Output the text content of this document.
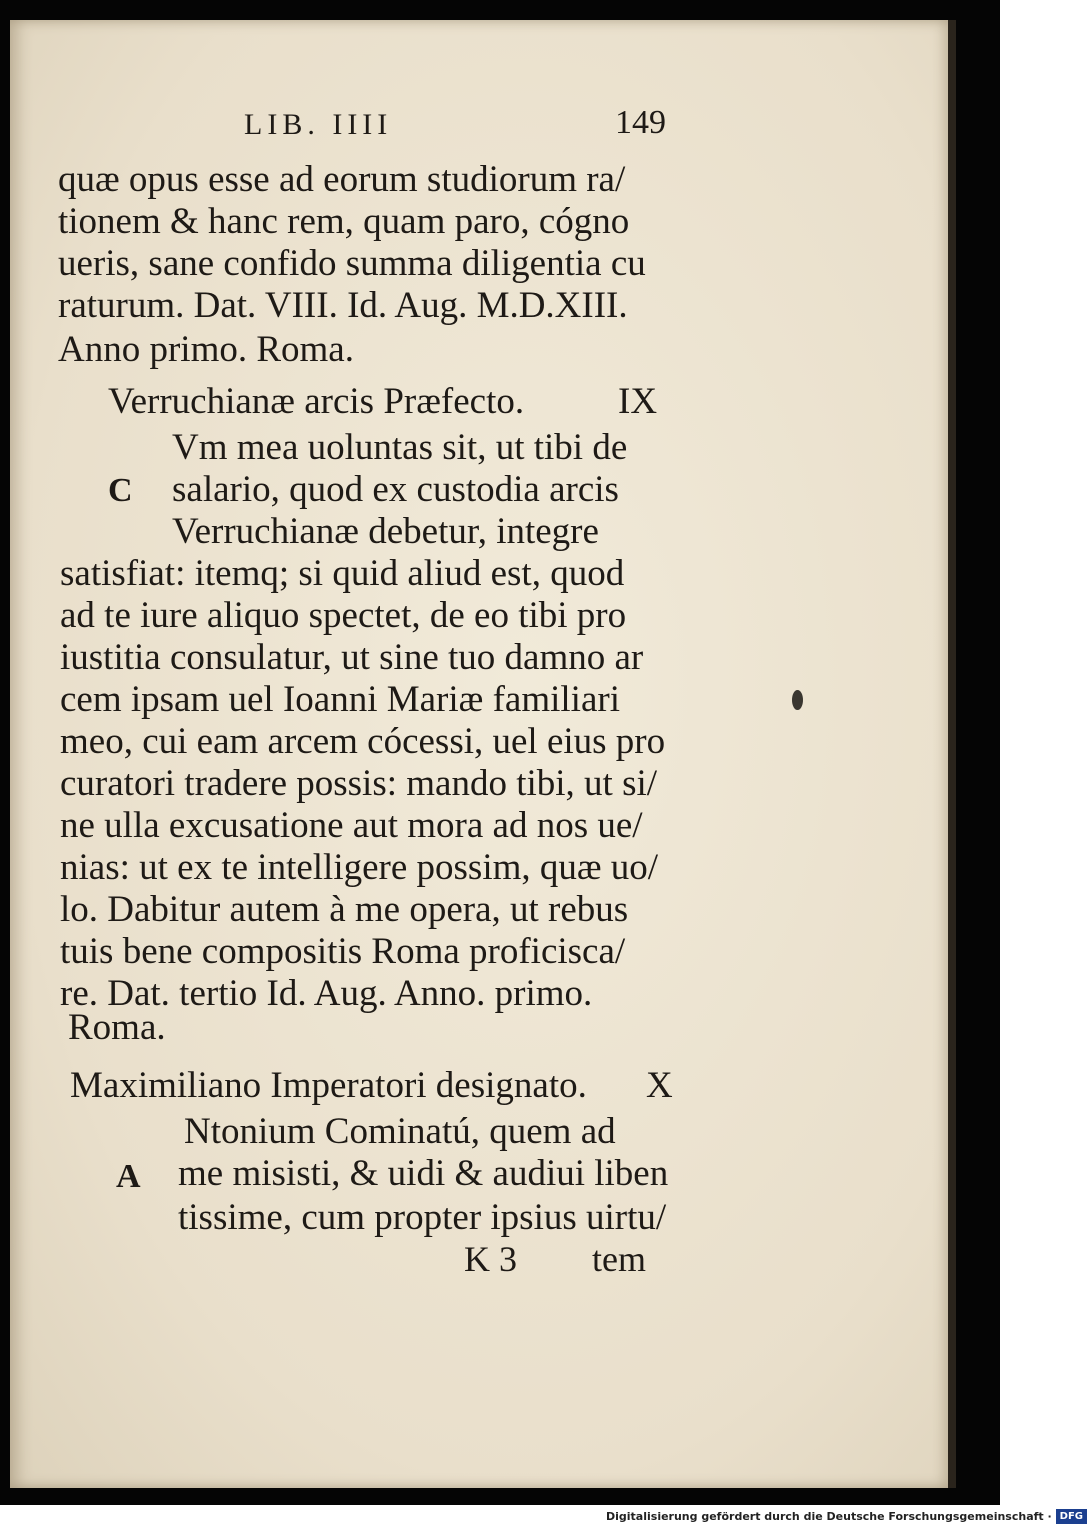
LIB. IIII	149
quæ opus esse ad eorum studiorum ra/
tionem & hanc rem, quam paro, cógno
ueris, sane confido summa diligentia cu
raturum. Dat. VIII. Id. Aug. M.D.XIII.
Anno primo. Roma.
Verruchianæ arcis Præfecto.	IX
C
Vm mea uoluntas sit, ut tibi de
salario, quod ex custodia arcis
Verruchianæ debetur, integre
satisfiat: itemq; si quid aliud est, quod
ad te iure aliquo spectet, de eo tibi pro
iustitia consulatur, ut sine tuo damno ar
cem ipsam uel Ioanni Mariæ familiari
meo, cui eam arcem cócessi, uel eius pro
curatori tradere possis: mando tibi, ut si/
ne ulla excusatione aut mora ad nos ue/
nias: ut ex te intelligere possim, quæ uo/
lo. Dabitur autem à me opera, ut rebus
tuis bene compositis Roma proficisca/
re. Dat. tertio Id. Aug. Anno. primo.
Roma.
Maximiliano Imperatori designato. X
A
Ntonium Cominatú, quem ad
me misisti, & uidi & audiui liben
tissime, cum propter ipsius uirtu/
K 3 tem
Digitalisierung gefördert durch die Deutsche Forschungsgemeinschaft · DFG
